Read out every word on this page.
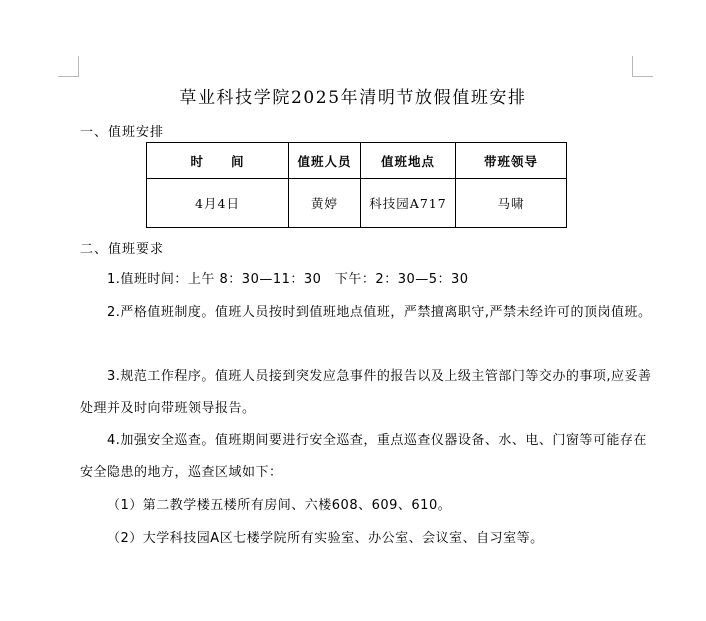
草业科技学院2025年清明节放假值班安排
一、值班安排
时　　间	值班人员	值班地点	带班领导
4月4日	黄婷	科技园A717	马啸
二、值班要求
1.值班时间：上午 8：30—11：30　下午：2：30—5：30
2.严格值班制度。值班人员按时到值班地点值班，严禁擅离职守,严禁未经许可的顶岗值班。
3.规范工作程序。值班人员接到突发应急事件的报告以及上级主管部门等交办的事项,应妥善处理并及时向带班领导报告。
4.加强安全巡查。值班期间要进行安全巡查，重点巡查仪器设备、水、电、门窗等可能存在安全隐患的地方，巡查区域如下：
（1）第二教学楼五楼所有房间、六楼608、609、610。
（2）大学科技园A区七楼学院所有实验室、办公室、会议室、自习室等。
